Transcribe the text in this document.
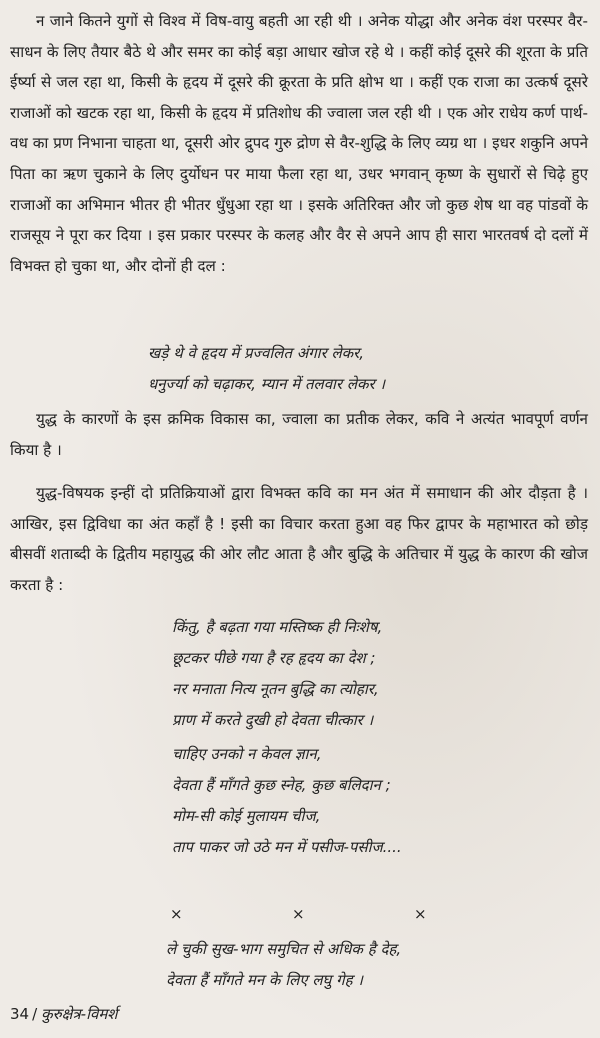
न जाने कितने युगों से विश्व में विष-वायु बहती आ रही थी । अनेक योद्धा और अनेक वंश परस्पर वैर-साधन के लिए तैयार बैठे थे और समर का कोई बड़ा आधार खोज रहे थे । कहीं कोई दूसरे की शूरता के प्रति ईर्ष्या से जल रहा था, किसी के हृदय में दूसरे की क्रूरता के प्रति क्षोभ था । कहीं एक राजा का उत्कर्ष दूसरे राजाओं को खटक रहा था, किसी के हृदय में प्रतिशोध की ज्वाला जल रही थी । एक ओर राधेय कर्ण पार्थ-वध का प्रण निभाना चाहता था, दूसरी ओर द्रुपद गुरु द्रोण से वैर-शुद्धि के लिए व्यग्र था । इधर शकुनि अपने पिता का ऋण चुकाने के लिए दुर्योधन पर माया फैला रहा था, उधर भगवान् कृष्ण के सुधारों से चिढ़े हुए राजाओं का अभिमान भीतर ही भीतर धुँधुआ रहा था । इसके अतिरिक्त और जो कुछ शेष था वह पांडवों के राजसूय ने पूरा कर दिया । इस प्रकार परस्पर के कलह और वैर से अपने आप ही सारा भारतवर्ष दो दलों में विभक्त हो चुका था, और दोनों ही दल :

खड़े थे वे हृदय में प्रज्वलित अंगार लेकर,
धनुर्ज्या को चढ़ाकर, म्यान में तलवार लेकर ।

युद्ध के कारणों के इस क्रमिक विकास का, ज्वाला का प्रतीक लेकर, कवि ने अत्यंत भावपूर्ण वर्णन किया है ।

युद्ध-विषयक इन्हीं दो प्रतिक्रियाओं द्वारा विभक्त कवि का मन अंत में समाधान की ओर दौड़ता है । आखिर, इस द्विविधा का अंत कहाँ है ! इसी का विचार करता हुआ वह फिर द्वापर के महाभारत को छोड़ बीसवीं शताब्दी के द्वितीय महायुद्ध की ओर लौट आता है और बुद्धि के अतिचार में युद्ध के कारण की खोज करता है :

किंतु, है बढ़ता गया मस्तिष्क ही निःशेष,
छूटकर पीछे गया है रह हृदय का देश ;
नर मनाता नित्य नूतन बुद्धि का त्योहार,
प्राण में करते दुखी हो देवता चीत्कार ।
चाहिए उनको न केवल ज्ञान,
देवता हैं माँगते कुछ स्नेह, कुछ बलिदान ;
मोम-सी कोई मुलायम चीज,
ताप पाकर जो उठे मन में पसीज-पसीज....
×	×	×
ले चुकी सुख-भाग समुचित से अधिक है देह,
देवता हैं माँगते मन के लिए लघु गेह ।
34 / कुरुक्षेत्र-विमर्श
